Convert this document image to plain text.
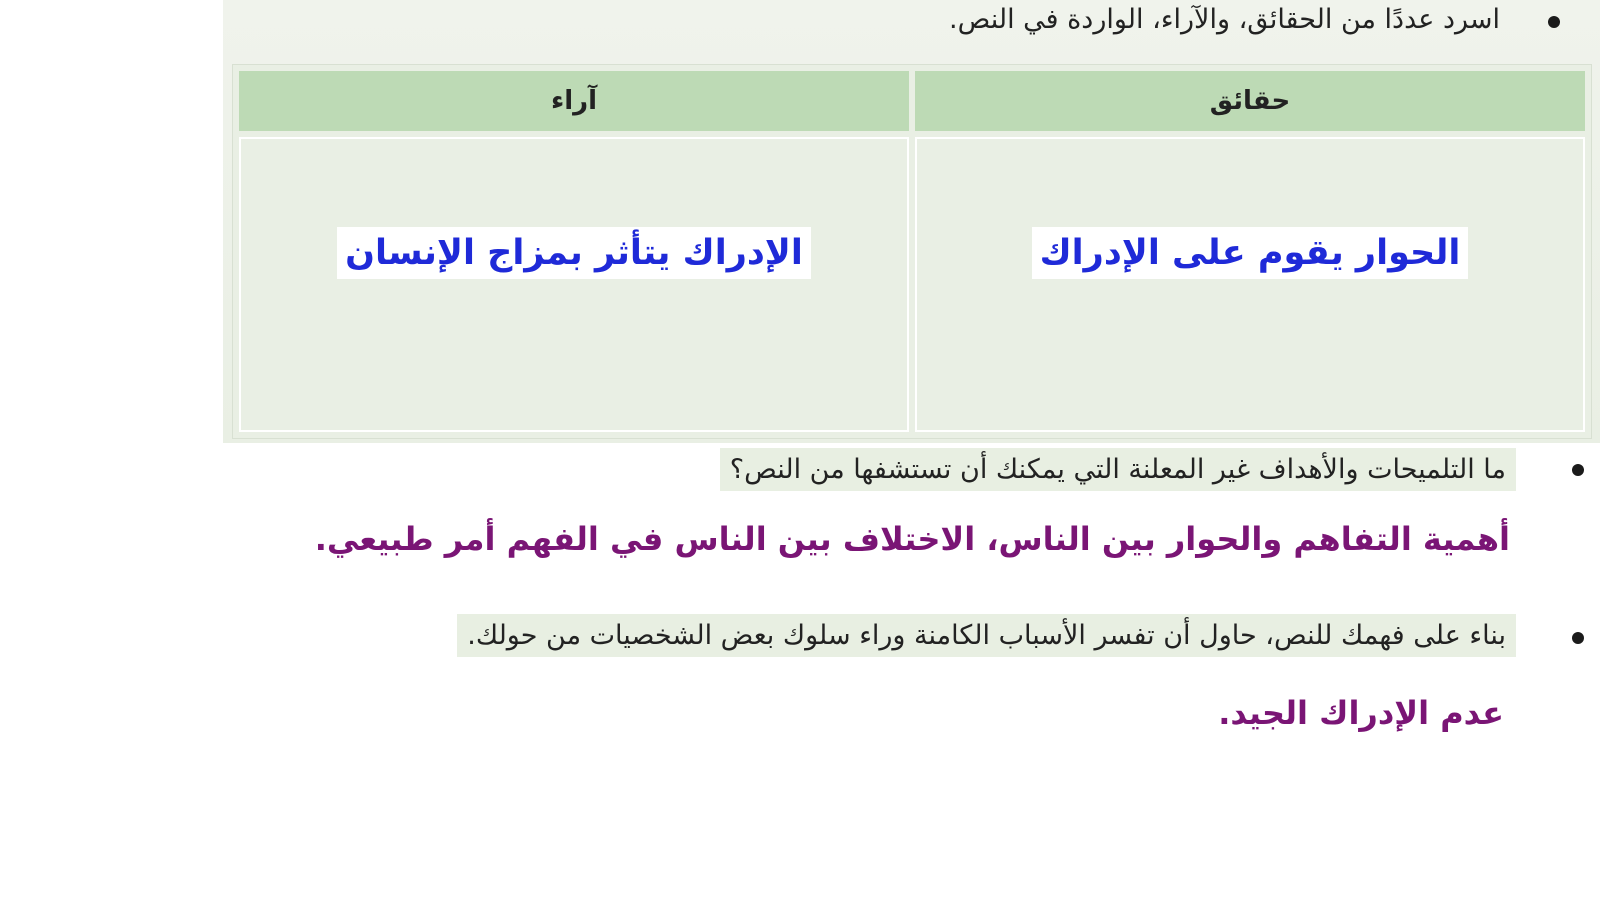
اسرد عددًا من الحقائق، والآراء، الواردة في النص.
حقائق	آراء
الحوار يقوم على الإدراك	الإدراك يتأثر بمزاج الإنسان
ما التلميحات والأهداف غير المعلنة التي يمكنك أن تستشفها من النص؟
أهمية التفاهم والحوار بين الناس، الاختلاف بين الناس في الفهم أمر طبيعي.
بناء على فهمك للنص، حاول أن تفسر الأسباب الكامنة وراء سلوك بعض الشخصيات من حولك.
عدم الإدراك الجيد.
